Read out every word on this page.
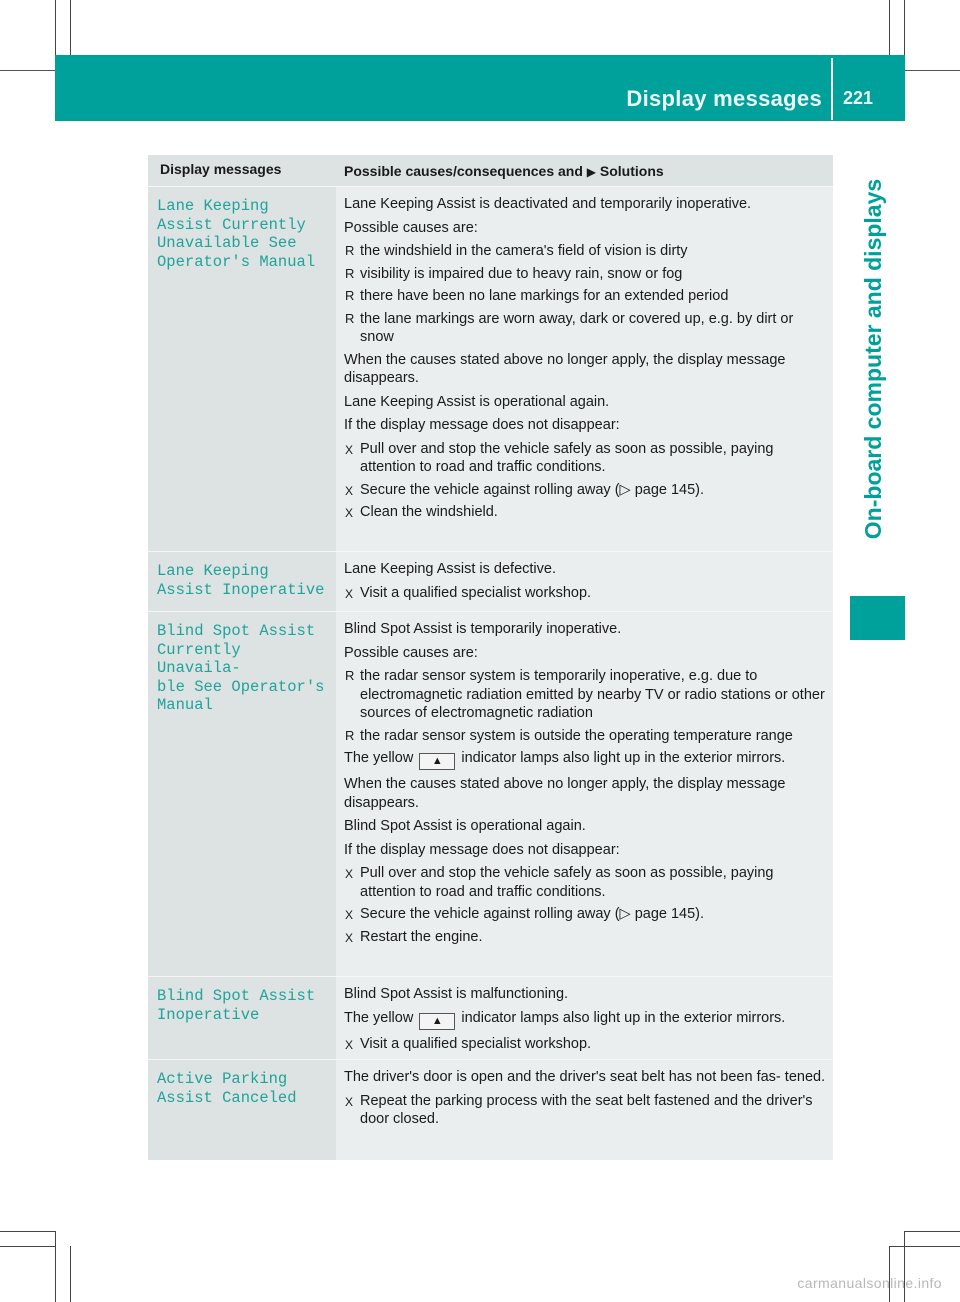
Display messages 221
On-board computer and displays
Display messages	Possible causes/consequences and ▶ Solutions
Lane Keeping
Assist Currently
Unavailable See
Operator's Manual
Lane Keeping Assist is deactivated and temporarily inoperative.
Possible causes are:
R the windshield in the camera's field of vision is dirty
R visibility is impaired due to heavy rain, snow or fog
R there have been no lane markings for an extended period
R the lane markings are worn away, dark or covered up, e.g. by dirt or snow
When the causes stated above no longer apply, the display message disappears.
Lane Keeping Assist is operational again.
If the display message does not disappear:
X Pull over and stop the vehicle safely as soon as possible, paying attention to road and traffic conditions.
X Secure the vehicle against rolling away (▷ page 145).
X Clean the windshield.
Lane Keeping
Assist Inoperative
Lane Keeping Assist is defective.
X Visit a qualified specialist workshop.
Blind Spot Assist
Currently Unavaila‐
ble See Operator's
Manual
Blind Spot Assist is temporarily inoperative.
Possible causes are:
R the radar sensor system is temporarily inoperative, e.g. due to electromagnetic radiation emitted by nearby TV or radio stations or other sources of electromagnetic radiation
R the radar sensor system is outside the operating temperature range
The yellow ▲ indicator lamps also light up in the exterior mirrors.
When the causes stated above no longer apply, the display message disappears.
Blind Spot Assist is operational again.
If the display message does not disappear:
X Pull over and stop the vehicle safely as soon as possible, paying attention to road and traffic conditions.
X Secure the vehicle against rolling away (▷ page 145).
X Restart the engine.
Blind Spot Assist
Inoperative
Blind Spot Assist is malfunctioning.
The yellow ▲ indicator lamps also light up in the exterior mirrors.
X Visit a qualified specialist workshop.
Active Parking
Assist Canceled
The driver's door is open and the driver's seat belt has not been fas‐ tened.
X Repeat the parking process with the seat belt fastened and the driver's door closed.
carmanualsonline.info
